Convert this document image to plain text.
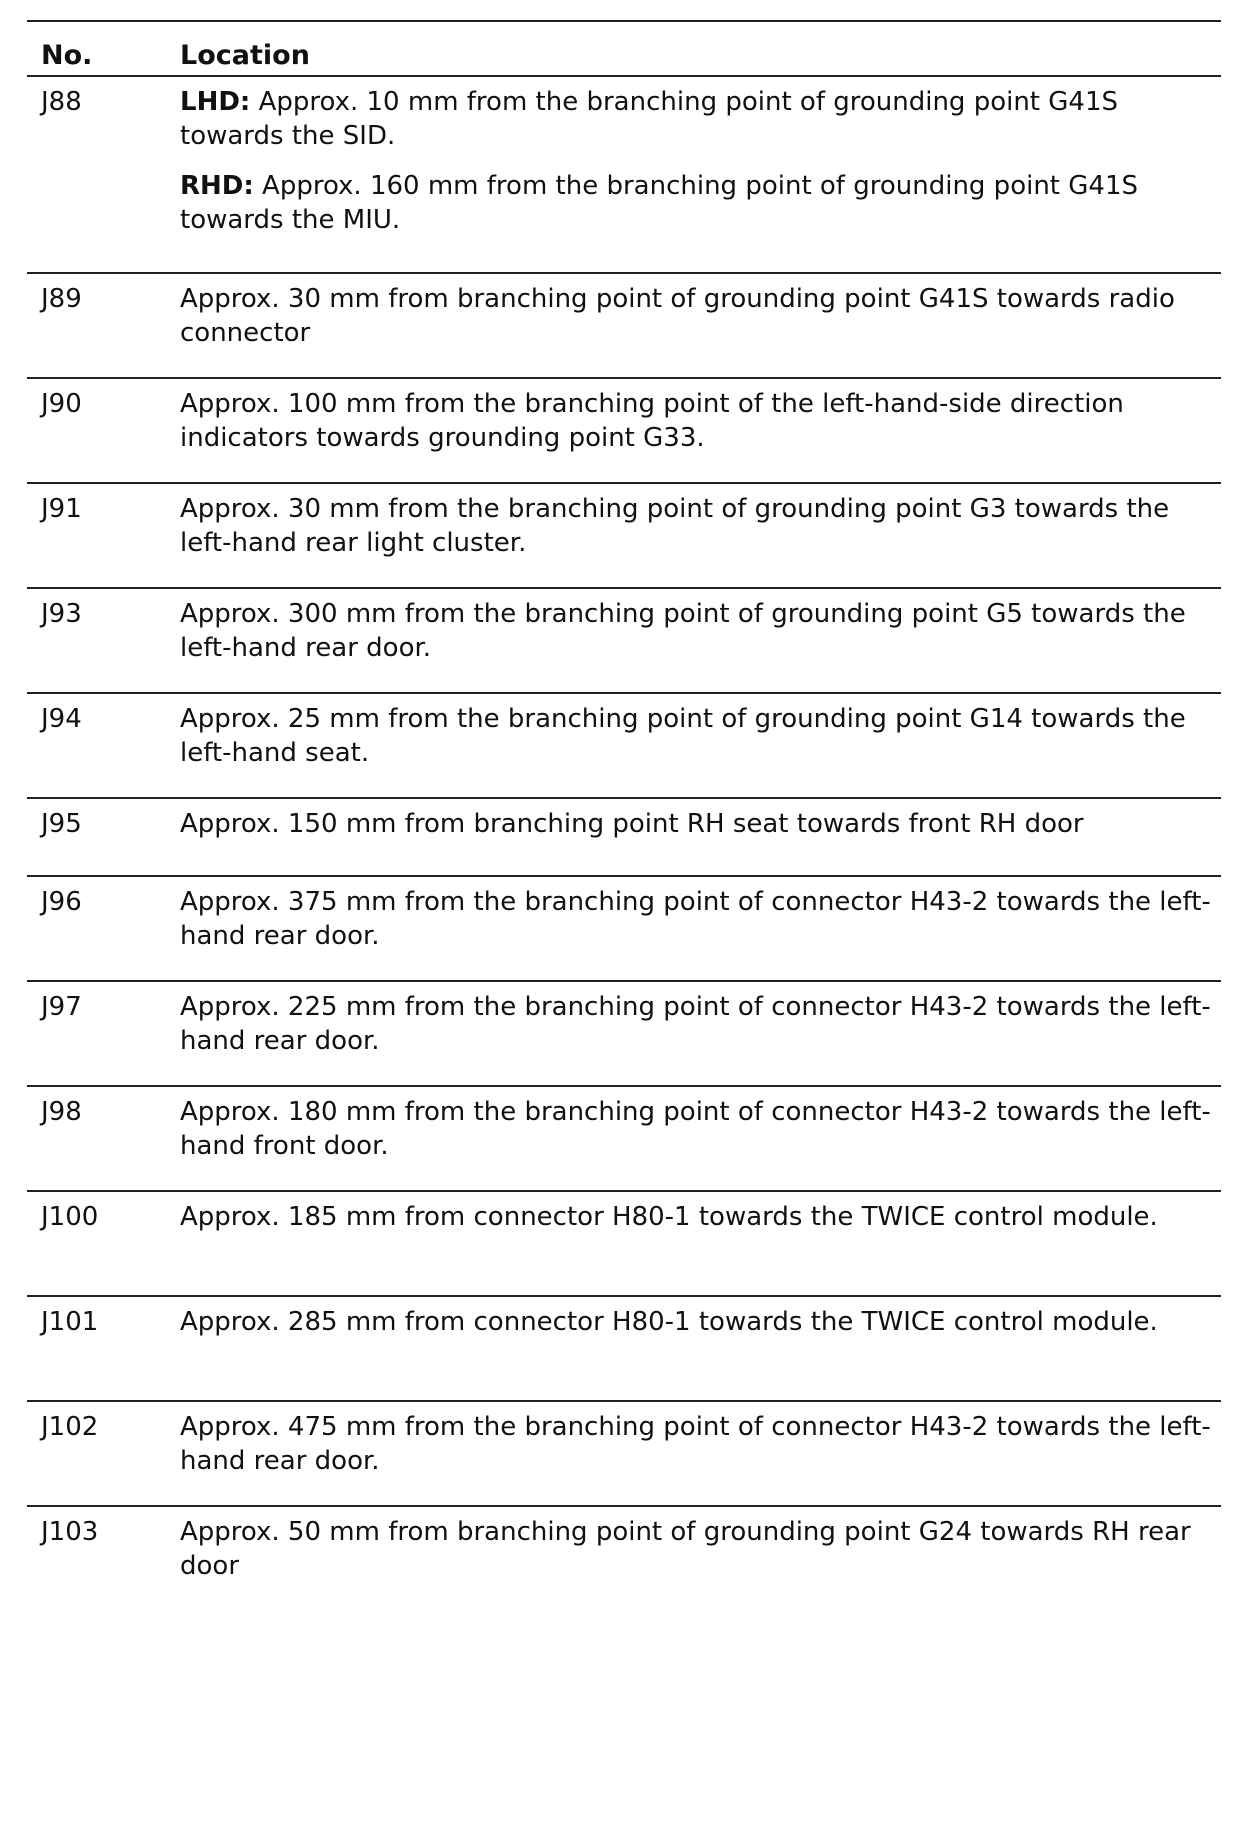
No.	Location
J88	LHD: Approx. 10 mm from the branching point of grounding point G41S towards the SID.
RHD: Approx. 160 mm from the branching point of grounding point G41S towards the MIU.
J89	Approx. 30 mm from branching point of grounding point G41S towards radio connector
J90	Approx. 100 mm from the branching point of the left-hand-side direction indicators towards grounding point G33.
J91	Approx. 30 mm from the branching point of grounding point G3 towards the left-hand rear light cluster.
J93	Approx. 300 mm from the branching point of grounding point G5 towards the left-hand rear door.
J94	Approx. 25 mm from the branching point of grounding point G14 towards the left-hand seat.
J95	Approx. 150 mm from branching point RH seat towards front RH door
J96	Approx. 375 mm from the branching point of connector H43-2 towards the left-hand rear door.
J97	Approx. 225 mm from the branching point of connector H43-2 towards the left-hand rear door.
J98	Approx. 180 mm from the branching point of connector H43-2 towards the left-hand front door.
J100	Approx. 185 mm from connector H80-1 towards the TWICE control module.
J101	Approx. 285 mm from connector H80-1 towards the TWICE control module.
J102	Approx. 475 mm from the branching point of connector H43-2 towards the left-hand rear door.
J103	Approx. 50 mm from branching point of grounding point G24 towards RH rear door
